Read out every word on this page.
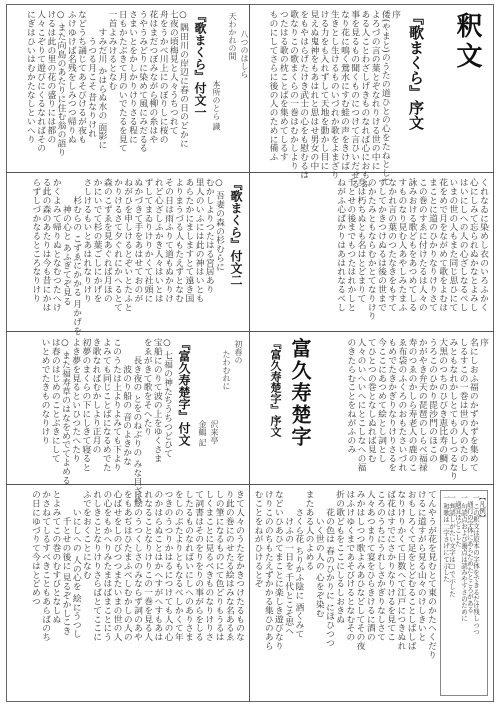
釈文
『歌まくら』序文
序
倭(やまと)のうたの道ひとの心をたねとして
よろづの言の葉とぞなれりける世の中に
ある人ことわざしげきものなれば心におもふ
事を見るもの聞くものにつけて言ひいだせる
なり花に鳴く鶯水にすむ蛙の声をきけば
生きとし生けるものいづれか歌をよまざり
ける力をも入れずして天地を動かし目に
見えぬ鬼神をもあはれと思はせ男女の中
をもやはらげたけき武士の心をも慰むるは
歌なりこの歌まくらの一巻はむかしより
つたはる歌の枕ことばを集めてしるす
ものにしてさらに後の人のために備ふ
八つのはしら
天わかれの間
本所のとら 識
『歌まくら』付文一
○ 隅田川の岸辺に春の日のどかに
七夜の頃梅見と人々うちつれて
舟をうかべ川上にのぼりしに桜の
花はまだつぼみながら柳の糸はや
うやうみどりに染めて風にみだるる
さまいとをかしかりけりさる程に
日もかたぶきて月のいでたるを見て
一首よみけるとなむ
　　すみだ川 かはらぬ水の 面影に
　　　うつる月こそ 昔なりけれ
などうち誦じてあそびけるが夜も
ふけゆけば名残をしみつつ帰りぬ
○ また向島のあたりに住む翁の語り
けるは此の里の花の盛りには都の
人々こぞりて遊びにくるなればその
にぎはひいはむかたなしといへり
くれなゐに染めし衣のいろふかく
心にしみて忘られぬかなとよみし
はいにしへの人の心ざしなるべし
いまの世の人もまた同じ思ひにて
花をめで月をながめて歌をよむは
まことに道のひかりなりけりさて
この巻のすゑに付けたるは人々の
詠みおける歌どもをあつめてしる
すものなり見む人あやしみたまふ
なかれ言の葉のつたなきをもすて
ずしてかきつけぬるは後の世まで
のかたみともならむかとてなりけり
身は朽ちぬとも名はとどまりて
千とせの後までもつたはれかしと
ねがふ心ばかりはあはれなるべし
『歌まくら』付文二
○ 吾妻の森の杉むらに
むかしよりつたはる宮居あり
里人のいふには此の神はいとも
あらたかにましますとて遠き国
よりまうづる人もたえずとなむ
その日は雨ふりて道もぬかりけ
れど心ざしふかき人々はいとは
ずしてまゐりけりかくて社頭に
ぬかづきて手をあはせておのが
ねがひを申しけるとぞいとたふと
かりけるさて夕ぐれにかへるとて
森のこずゑを見あぐれば月ほの
かにいでて杉の葉ごしにかげを
さしけるもいとあはれなりけり
　　杉むらの こずゑにかかる 月かげを
　　　神の心と あふぎてぞ見る
かくよみて帰りぬとなむつたへけ
る此の森のあたりは今も昔にかは
らずしづかなるところなりけり
富久寿楚字
『富久寿楚字』序文	序
名にしおふ福のかずかずを集めて
しるすこの一巻は世の人のたのし
みともなれかしとてものしつるなり
大黒のつちのひびき恵比寿の鯛の
うろこのひかり毘沙門のほこの
かがやき弁天の琵琶のしらべ福禄
寿のつゑのかしら寿老人の鹿のこ
ゑ布袋のふくろのおもたさいづれ
もめでたきかぎりなりけりさるを
今ここにあつめて絵とし詞とし
てひとつの巻となしぬれば見む
人々のいへいへにとこしなへの福
のきたらむことをねがふのみ
初春の
たわむれに
沢来亭
金鶴 記
『富久寿楚字』付文
○ 七福の神たちうちつどひて
宝船にのりて波の上をゆくさま
をゑがきて歌をそへたり
　　長き夜の とをのねぶりの みな目ざめ
　　　波のり船の 音のよきかな
このうたは上よりよみても下より
よみても同じことばになるめでた
き歌なればむかしより正月の
初夢のまくらの下にしきて寝ると
よき夢を見るといひつたへたり
○ また福寿草のはなをめでてよめる
は春のはじめのことぶきにして
いとめでたきものなりけり
てんやうが花を見むとて東のかたへくだり
けるに道すがら見る山々のけしきいと
おもしろくて足をとどむることしばしば
なりけりかくて日数へて江戸につきぬれ
ば花はすでにさかりなりけるを見てこ
ころのうちにうれしさかぎりなしさて
人々あつまりて宴をひらきけるに酒の
みかはしつつ歌よみあひなどしてその夜
はふけゆくまであそびけるとなむその
折の歌どもをここにしるしおきぬ
　　花の色は 春のひかりに にほひつつ
　　　いく世の人の 心をぞ染む
またある人のよめる
　　さくら花 ちりかふ陰に 酒くみて
　　　けふの一日を 千代とこそ思へ
などいひあひてまことに楽しき遊びなり
けりこののちもたえずかかる集ひのあら
むことをねがひけるとぞ	【凡例】
一 この釈文は原本の字体をできるだけ残しつつ
　通行の字体にあらためたところがある
一 句読点および濁点は読みやすさのために
　適宜ほどこした
一 判読しがたい文字は□で示した
一 和歌は二字さげにて示した
きて人々のうたをかきつけたるものな
り此の巻にのせたる絵はみな名あるゑ
しの筆になるものにて色どりもうるは
しくまことに見るべきものなりけりさ
て詞書はそのをりをりの事がらをしる
したるものなればいにしへのありさま
をしのぶたよりともなるべしかくて年
つきのうつりかはるにつけても人の心
のかはらぬことはかへすがへすもあは
れなることなりけりこの一巻を見る人
は絵のうつくしさのみならず詞のあや
をもあぢはひたまふべしむかしの人の
心ばせをしのびつつまたいまの世の人
の心をもかへりみたまはばまことにう
れしきことなりけりさらばとてここに
ふでをおくことになむ
　　いにしへの 人の心を 絵にうつし
　　　千とせの後に 見るぞかしこき
とよみてこの巻のむすびとなしぬ
かさねてしるすべきこともあらばのち
の日にゆづりて今はとどめつ
